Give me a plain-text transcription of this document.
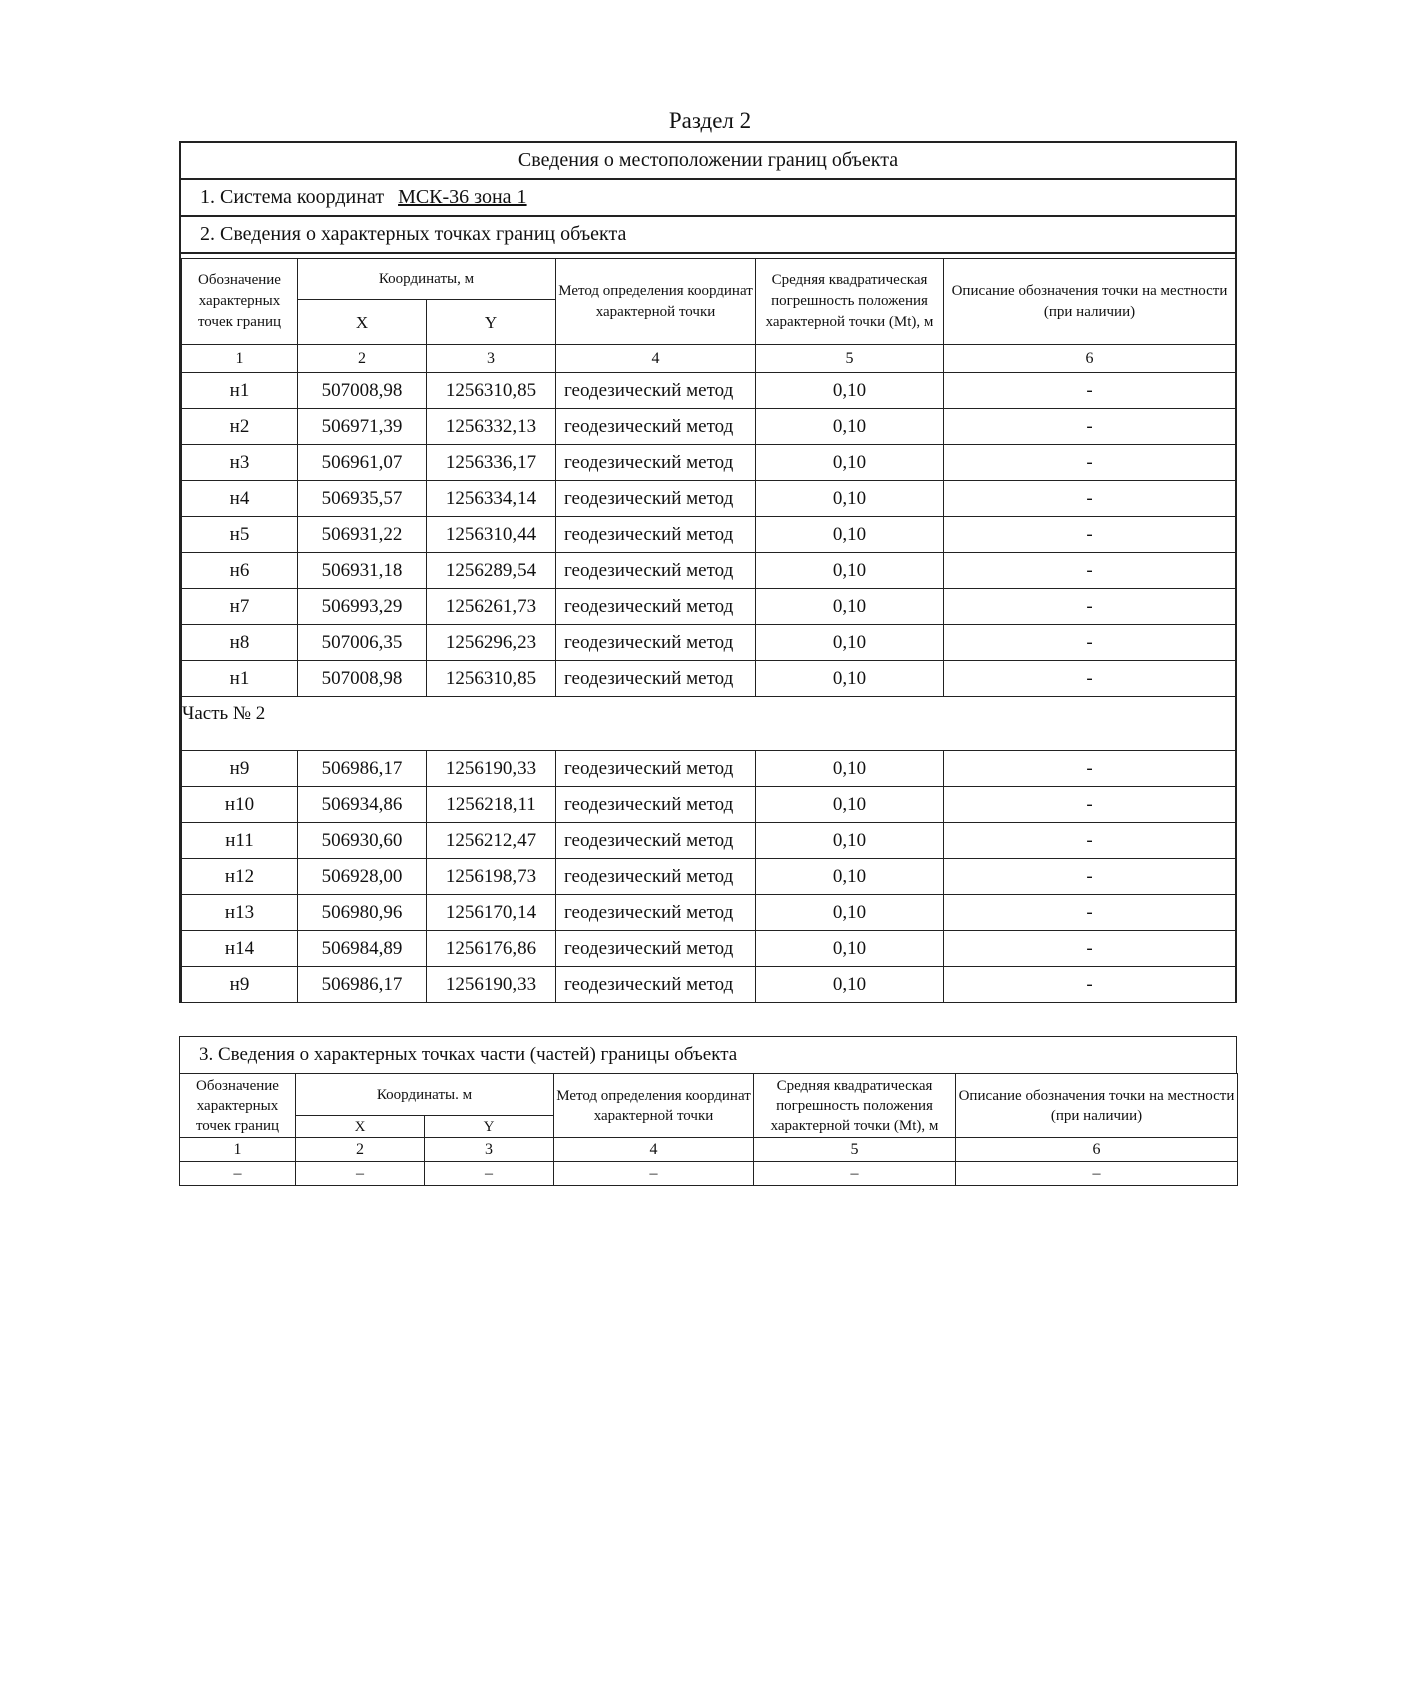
Раздел 2
Сведения о местоположении границ объекта
1. Система координат МСК-36 зона 1
2. Сведения о характерных точках границ объекта
Обозначение характерных точек границ	Координаты, м		Метод определения координат характерной точки	Средняя квадратическая погрешность положения характерной точки (Mt), м	Описание обозначения точки на местности (при наличии)
	X	Y			
1	2	3	4	5	6
н1	507008,98	1256310,85	геодезический метод	0,10	-
н2	506971,39	1256332,13	геодезический метод	0,10	-
н3	506961,07	1256336,17	геодезический метод	0,10	-
н4	506935,57	1256334,14	геодезический метод	0,10	-
н5	506931,22	1256310,44	геодезический метод	0,10	-
н6	506931,18	1256289,54	геодезический метод	0,10	-
н7	506993,29	1256261,73	геодезический метод	0,10	-
н8	507006,35	1256296,23	геодезический метод	0,10	-
н1	507008,98	1256310,85	геодезический метод	0,10	-
Часть № 2					
н9	506986,17	1256190,33	геодезический метод	0,10	-
н10	506934,86	1256218,11	геодезический метод	0,10	-
н11	506930,60	1256212,47	геодезический метод	0,10	-
н12	506928,00	1256198,73	геодезический метод	0,10	-
н13	506980,96	1256170,14	геодезический метод	0,10	-
н14	506984,89	1256176,86	геодезический метод	0,10	-
н9	506986,17	1256190,33	геодезический метод	0,10	-
3. Сведения о характерных точках части (частей) границы объекта
Обозначение характерных точек границ	Координаты. м		Метод определения координат характерной точки	Средняя квадратическая погрешность положения характерной точки (Mt), м	Описание обозначения точки на местности (при наличии)
	X	Y			
1	2	3	4	5	6
–	–	–	–	–	–
